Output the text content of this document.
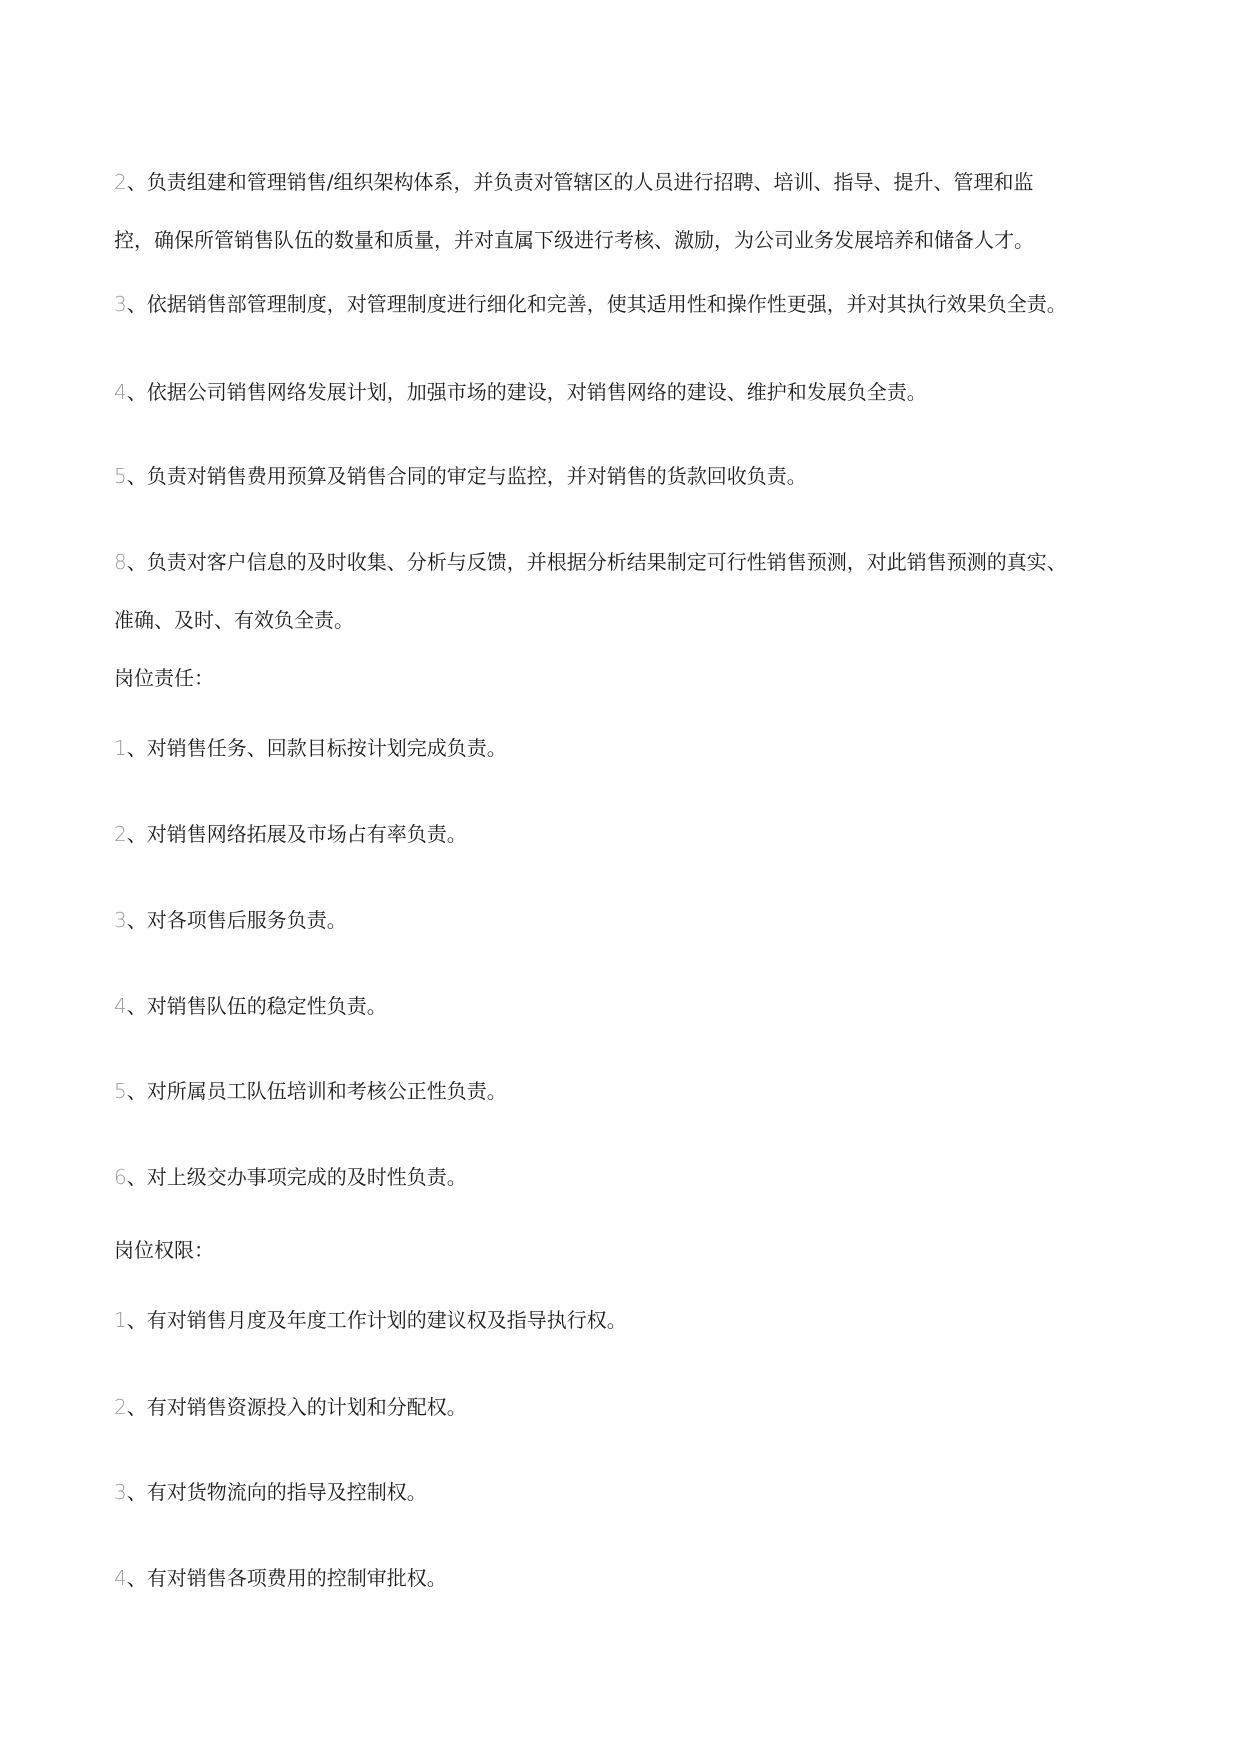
2、负责组建和管理销售/组织架构体系，并负责对管辖区的人员进行招聘、培训、指导、提升、管理和监
控，确保所管销售队伍的数量和质量，并对直属下级进行考核、激励，为公司业务发展培养和储备人才。
3、依据销售部管理制度，对管理制度进行细化和完善，使其适用性和操作性更强，并对其执行效果负全责。
4、依据公司销售网络发展计划，加强市场的建设，对销售网络的建设、维护和发展负全责。
5、负责对销售费用预算及销售合同的审定与监控，并对销售的货款回收负责。
8、负责对客户信息的及时收集、分析与反馈，并根据分析结果制定可行性销售预测，对此销售预测的真实、
准确、及时、有效负全责。
岗位责任：
1、对销售任务、回款目标按计划完成负责。
2、对销售网络拓展及市场占有率负责。
3、对各项售后服务负责。
4、对销售队伍的稳定性负责。
5、对所属员工队伍培训和考核公正性负责。
6、对上级交办事项完成的及时性负责。
岗位权限：
1、有对销售月度及年度工作计划的建议权及指导执行权。
2、有对销售资源投入的计划和分配权。
3、有对货物流向的指导及控制权。
4、有对销售各项费用的控制审批权。
